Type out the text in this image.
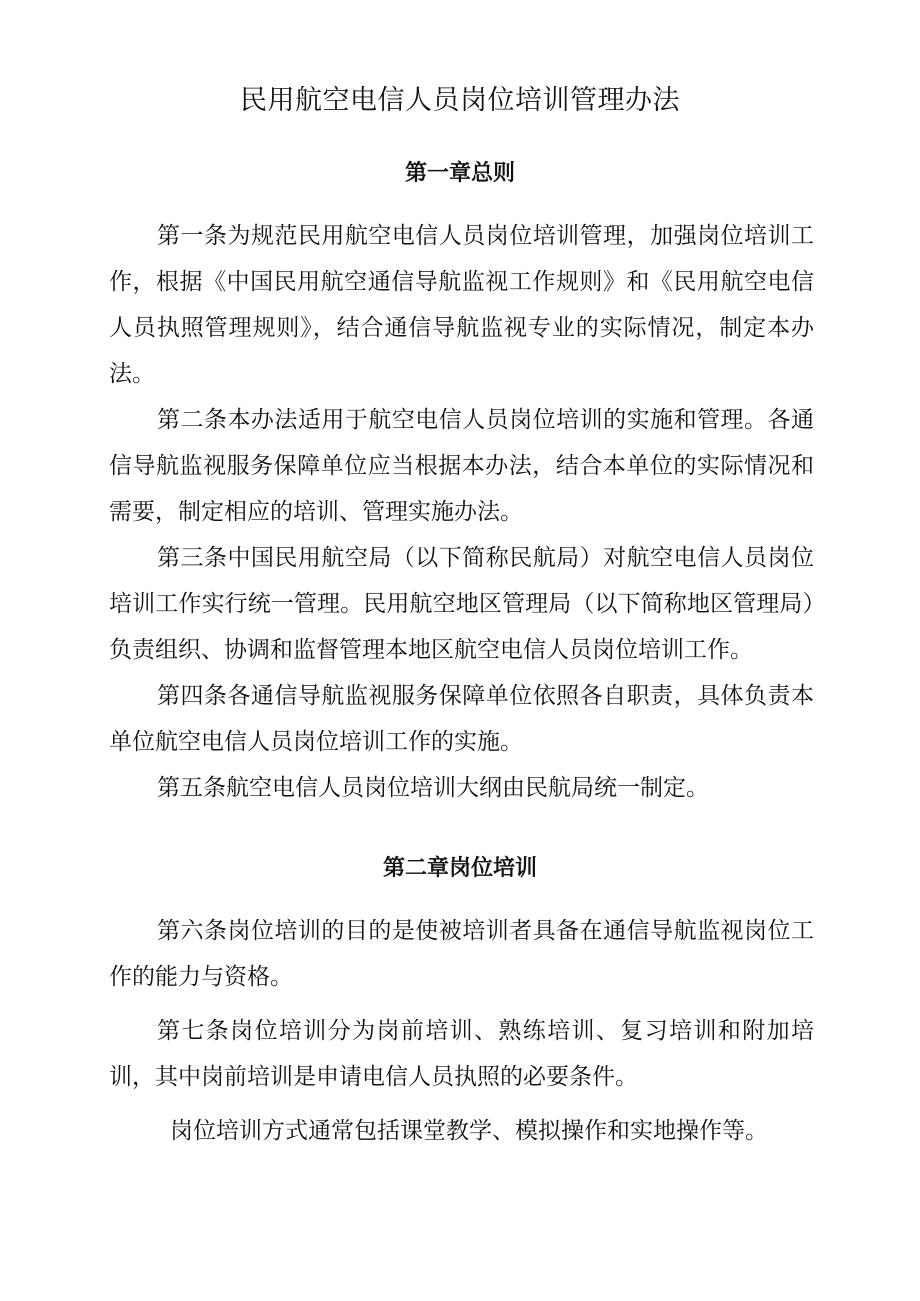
民用航空电信人员岗位培训管理办法
第一章总则

第一条为规范民用航空电信人员岗位培训管理，加强岗位培训工作，根据《中国民用航空通信导航监视工作规则》和《民用航空电信人员执照管理规则》，结合通信导航监视专业的实际情况，制定本办法。

第二条本办法适用于航空电信人员岗位培训的实施和管理。各通信导航监视服务保障单位应当根据本办法，结合本单位的实际情况和需要，制定相应的培训、管理实施办法。

第三条中国民用航空局（以下简称民航局）对航空电信人员岗位培训工作实行统一管理。民用航空地区管理局（以下简称地区管理局）负责组织、协调和监督管理本地区航空电信人员岗位培训工作。

第四条各通信导航监视服务保障单位依照各自职责，具体负责本单位航空电信人员岗位培训工作的实施。

第五条航空电信人员岗位培训大纲由民航局统一制定。

第二章岗位培训

第六条岗位培训的目的是使被培训者具备在通信导航监视岗位工作的能力与资格。

第七条岗位培训分为岗前培训、熟练培训、复习培训和附加培训，其中岗前培训是申请电信人员执照的必要条件。

岗位培训方式通常包括课堂教学、模拟操作和实地操作等。
